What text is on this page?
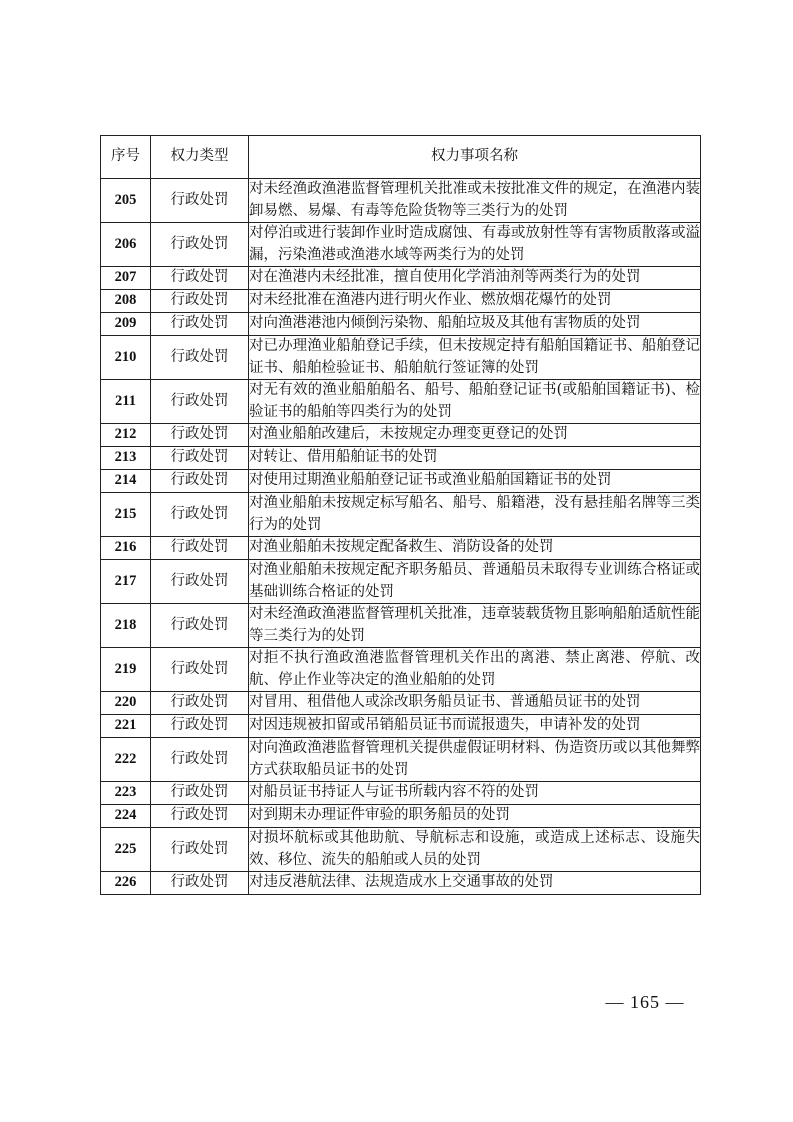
序号	权力类型	权力事项名称
205	行政处罚	对未经渔政渔港监督管理机关批准或未按批准文件的规定，在渔港内装卸易燃、易爆、有毒等危险货物等三类行为的处罚
206	行政处罚	对停泊或进行装卸作业时造成腐蚀、有毒或放射性等有害物质散落或溢漏，污染渔港或渔港水域等两类行为的处罚
207	行政处罚	对在渔港内未经批准，擅自使用化学消油剂等两类行为的处罚
208	行政处罚	对未经批准在渔港内进行明火作业、燃放烟花爆竹的处罚
209	行政处罚	对向渔港港池内倾倒污染物、船舶垃圾及其他有害物质的处罚
210	行政处罚	对已办理渔业船舶登记手续，但未按规定持有船舶国籍证书、船舶登记证书、船舶检验证书、船舶航行签证簿的处罚
211	行政处罚	对无有效的渔业船舶船名、船号、船舶登记证书(或船舶国籍证书)、检验证书的船舶等四类行为的处罚
212	行政处罚	对渔业船舶改建后，未按规定办理变更登记的处罚
213	行政处罚	对转让、借用船舶证书的处罚
214	行政处罚	对使用过期渔业船舶登记证书或渔业船舶国籍证书的处罚
215	行政处罚	对渔业船舶未按规定标写船名、船号、船籍港，没有悬挂船名牌等三类行为的处罚
216	行政处罚	对渔业船舶未按规定配备救生、消防设备的处罚
217	行政处罚	对渔业船舶未按规定配齐职务船员、普通船员未取得专业训练合格证或基础训练合格证的处罚
218	行政处罚	对未经渔政渔港监督管理机关批准，违章装载货物且影响船舶适航性能等三类行为的处罚
219	行政处罚	对拒不执行渔政渔港监督管理机关作出的离港、禁止离港、停航、改航、停止作业等决定的渔业船舶的处罚
220	行政处罚	对冒用、租借他人或涂改职务船员证书、普通船员证书的处罚
221	行政处罚	对因违规被扣留或吊销船员证书而谎报遗失，申请补发的处罚
222	行政处罚	对向渔政渔港监督管理机关提供虚假证明材料、伪造资历或以其他舞弊方式获取船员证书的处罚
223	行政处罚	对船员证书持证人与证书所载内容不符的处罚
224	行政处罚	对到期未办理证件审验的职务船员的处罚
225	行政处罚	对损坏航标或其他助航、导航标志和设施，或造成上述标志、设施失效、移位、流失的船舶或人员的处罚
226	行政处罚	对违反港航法律、法规造成水上交通事故的处罚
— 165 —
